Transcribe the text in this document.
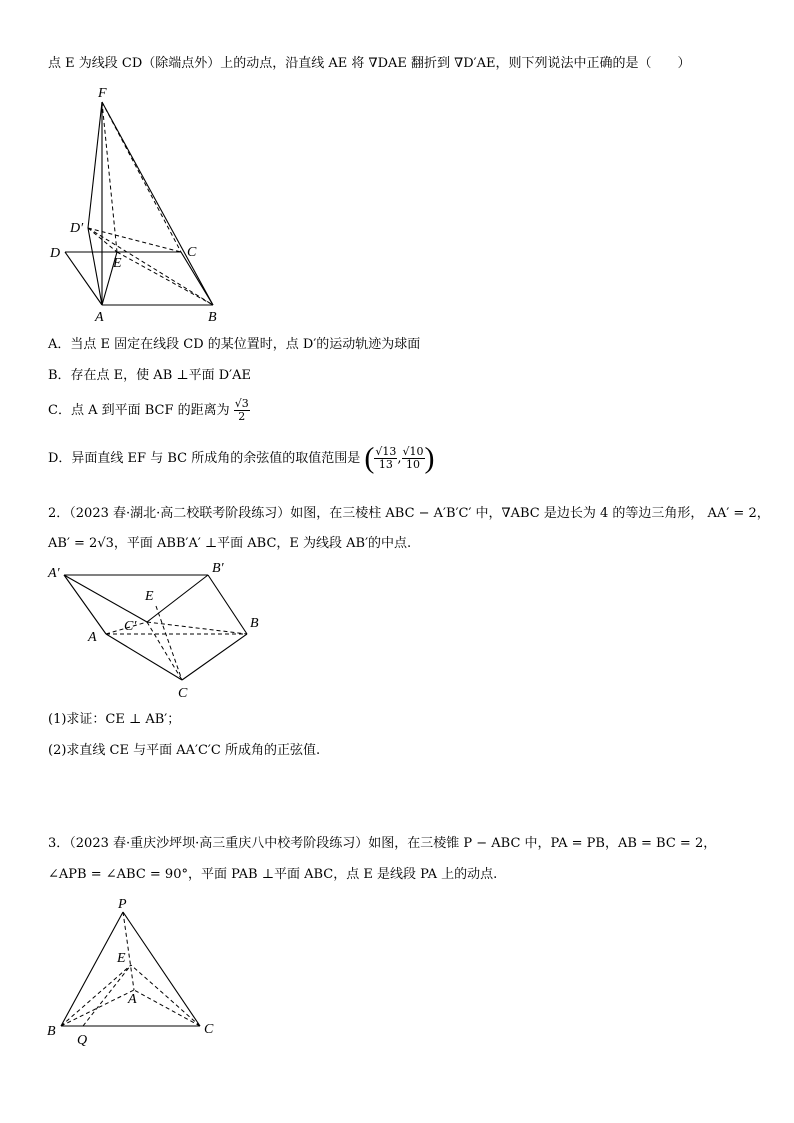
点 E 为线段 CD（除端点外）上的动点，沿直线 AE 将 ∇DAE 翻折到 ∇D′AE，则下列说法中正确的是（　　）
F
D′
D
E
C
A	B
A．当点 E 固定在线段 CD 的某位置时，点 D′的运动轨迹为球面
B．存在点 E，使 AB ⊥平面 D′AE
C．点 A 到平面 BCF 的距离为 $\frac{√3}{2}$
D．异面直线 EF 与 BC 所成角的余弦值的取值范围是 ( $\frac{√13}{13}$ , $\frac{√10}{10}$ )
2．（2023 春·湖北·高二校联考阶段练习）如图，在三棱柱 ABC − A′B′C′ 中，∇ABC 是边长为 4 的等边三角形， AA′ = 2，
AB′ = 2√3，平面 ABB′A′ ⊥平面 ABC，E 为线段 AB′的中点.
A′	B′
E
C′
A
B
C
(1)求证：CE ⊥ AB′；
(2)求直线 CE 与平面 AA′C′C 所成角的正弦值.
3．（2023 春·重庆沙坪坝·高三重庆八中校考阶段练习）如图，在三棱锥 P − ABC 中，PA = PB，AB = BC = 2，
∠APB = ∠ABC = 90°，平面 PAB ⊥平面 ABC，点 E 是线段 PA 上的动点.
P
E
A
B	C
Q
